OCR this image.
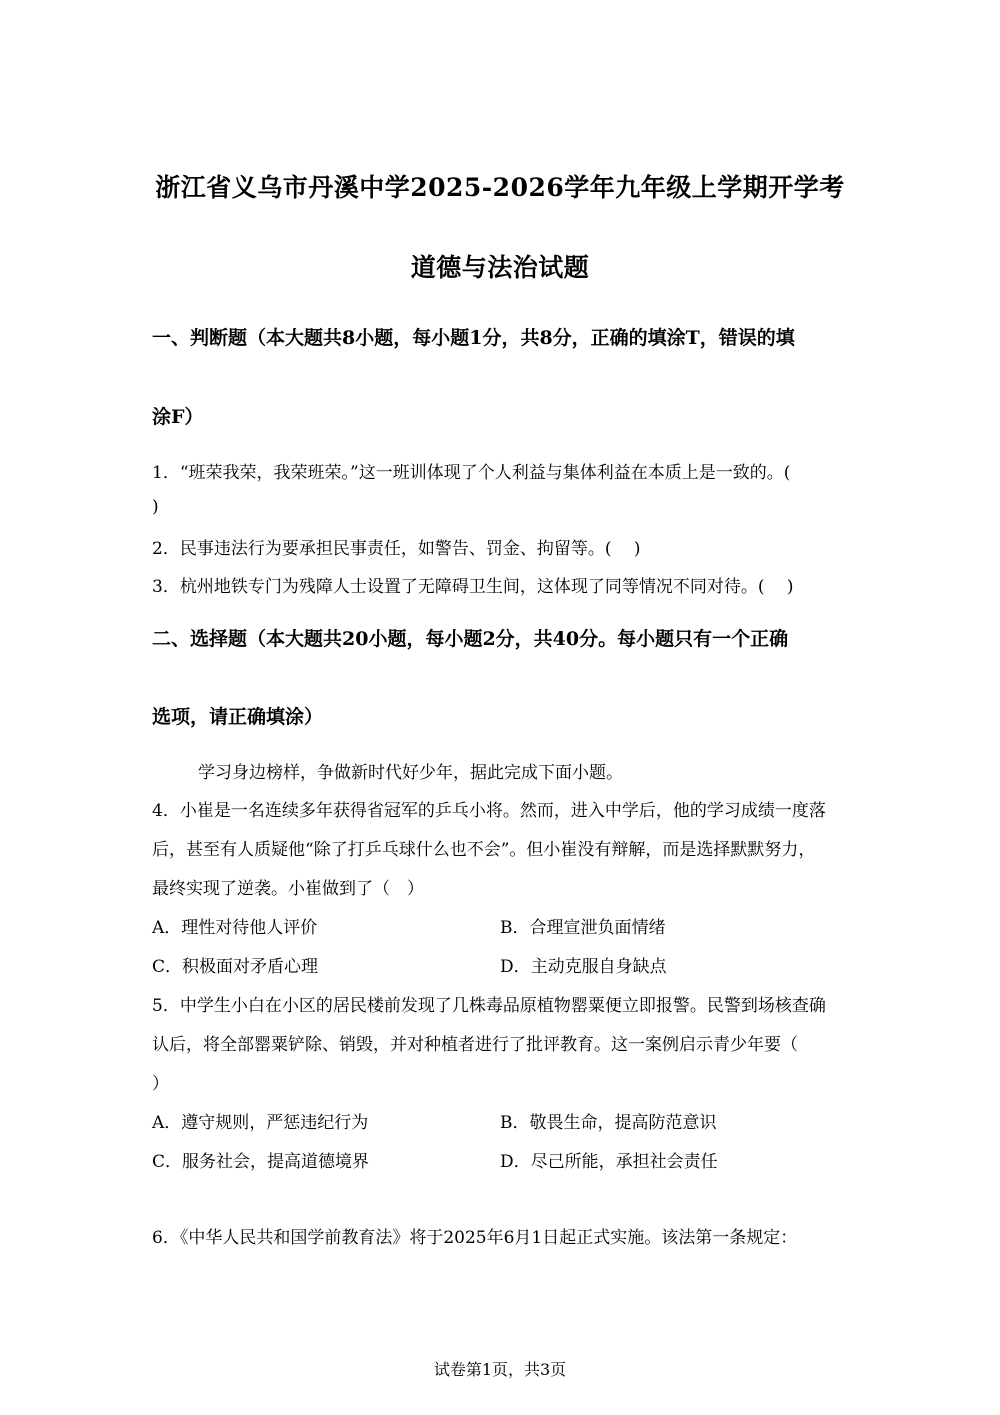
浙江省义乌市丹溪中学2025-2026学年九年级上学期开学考
道德与法治试题
一、判断题（本大题共8小题，每小题1分，共8分，正确的填涂T，错误的填
涂F）
1．“班荣我荣，我荣班荣。”这一班训体现了个人利益与集体利益在本质上是一致的。(
)
2．民事违法行为要承担民事责任，如警告、罚金、拘留等。(　 )
3．杭州地铁专门为残障人士设置了无障碍卫生间，这体现了同等情况不同对待。(　 )
二、选择题（本大题共20小题，每小题2分，共40分。每小题只有一个正确
选项，请正确填涂）
学习身边榜样，争做新时代好少年，据此完成下面小题。
4．小崔是一名连续多年获得省冠军的乒乓小将。然而，进入中学后，他的学习成绩一度落
后，甚至有人质疑他“除了打乒乓球什么也不会”。但小崔没有辩解，而是选择默默努力，
最终实现了逆袭。小崔做到了（　）
A．理性对待他人评价	B．合理宣泄负面情绪
C．积极面对矛盾心理	D．主动克服自身缺点
5．中学生小白在小区的居民楼前发现了几株毒品原植物罂粟便立即报警。民警到场核查确
认后，将全部罂粟铲除、销毁，并对种植者进行了批评教育。这一案例启示青少年要（
）
A．遵守规则，严惩违纪行为	B．敬畏生命，提高防范意识
C．服务社会，提高道德境界	D．尽己所能，承担社会责任
6．《中华人民共和国学前教育法》将于2025年6月1日起正式实施。该法第一条规定：
试卷第1页，共3页
